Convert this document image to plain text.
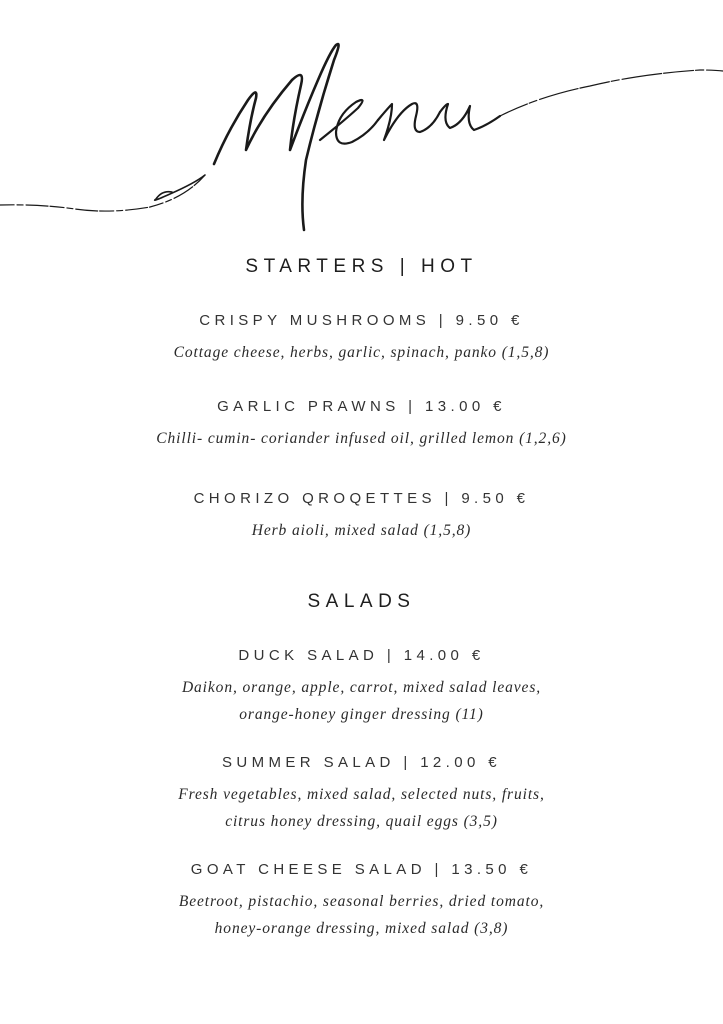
STARTERS | HOT
CRISPY MUSHROOMS | 9.50 €
Cottage cheese, herbs, garlic, spinach, panko (1,5,8)
GARLIC PRAWNS | 13.00 €
Chilli- cumin- coriander infused oil, grilled lemon (1,2,6)
CHORIZO QROQETTES | 9.50 €
Herb aioli, mixed salad (1,5,8)
SALADS
DUCK SALAD | 14.00 €
Daikon, orange, apple, carrot, mixed salad leaves,
orange-honey ginger dressing (11)
SUMMER SALAD | 12.00 €
Fresh vegetables, mixed salad, selected nuts, fruits,
citrus honey dressing, quail eggs (3,5)
GOAT CHEESE SALAD | 13.50 €
Beetroot, pistachio, seasonal berries, dried tomato,
honey-orange dressing, mixed salad (3,8)
